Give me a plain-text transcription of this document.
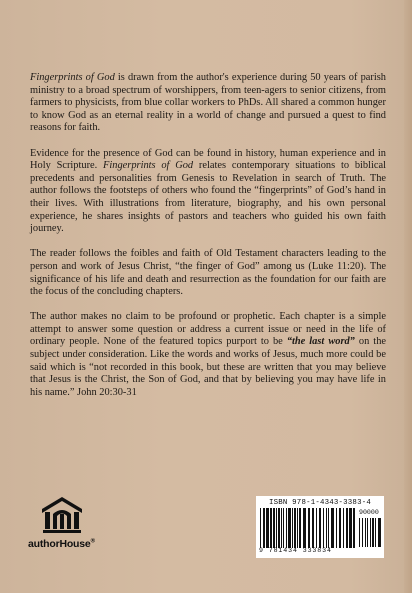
Fingerprints of God is drawn from the author's experience during 50 years of parish ministry to a broad spectrum of worshippers, from teen-agers to senior citizens, from farmers to physicists, from blue collar workers to PhDs. All shared a common hunger to know God as an eternal reality in a world of change and pursued a quest to find reasons for faith.

Evidence for the presence of God can be found in history, human experience and in Holy Scripture. Fingerprints of God relates contemporary situations to biblical precedents and personalities from Genesis to Revelation in search of Truth. The author follows the footsteps of others who found the “fingerprints” of God’s hand in their lives. With illustrations from literature, biography, and his own personal experience, he shares insights of pastors and teachers who guided his own faith journey.

The reader follows the foibles and faith of Old Testament characters leading to the person and work of Jesus Christ, “the finger of God” among us (Luke 11:20). The significance of his life and death and resurrection as the foundation for our faith are the focus of the concluding chapters.

The author makes no claim to be profound or prophetic. Each chapter is a simple attempt to answer some question or address a current issue or need in the life of ordinary people. None of the featured topics purport to be “the last word” on the subject under consideration. Like the words and works of Jesus, much more could be said which is “not recorded in this book, but these are written that you may believe that Jesus is the Christ, the Son of God, and that by believing you may have life in his name.” John 20:30-31

authorHouse®
ISBN 978-1-4343-3383-4
90000
9 781434 333834
